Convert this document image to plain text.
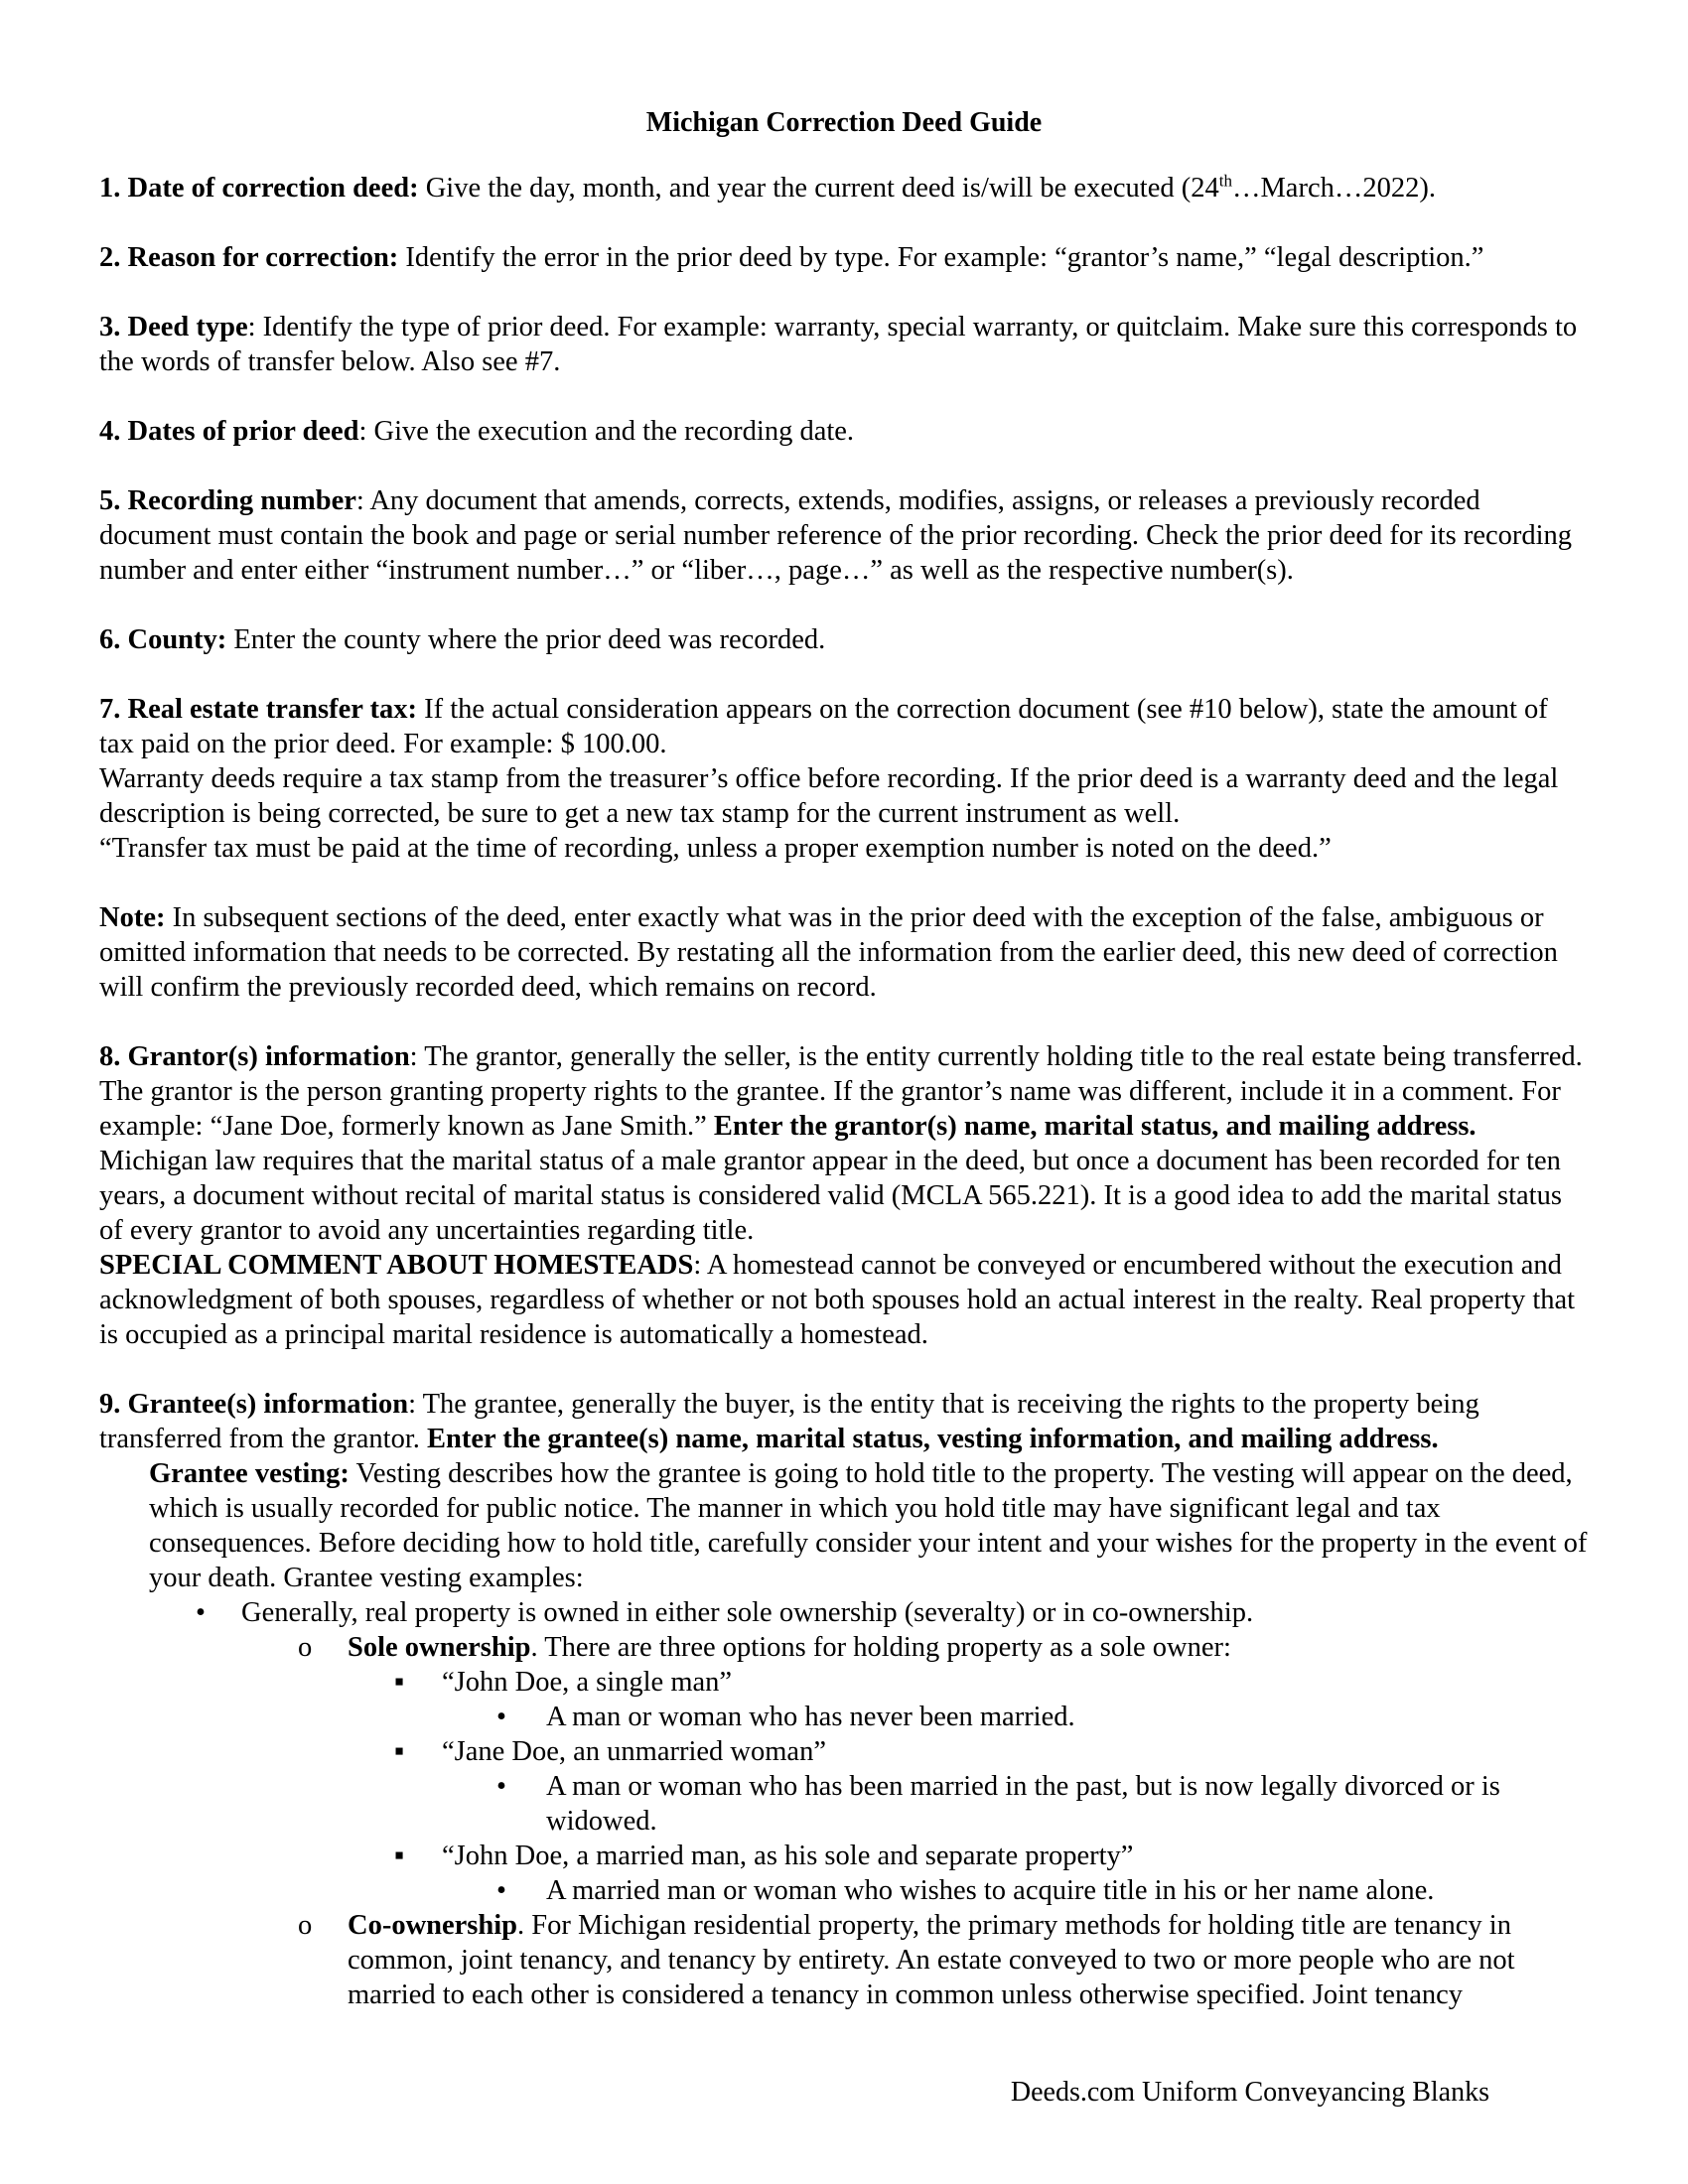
Michigan Correction Deed Guide

1. Date of correction deed: Give the day, month, and year the current deed is/will be executed (24th…March…2022).

2. Reason for correction: Identify the error in the prior deed by type. For example: “grantor’s name,” “legal description.”

3. Deed type: Identify the type of prior deed. For example: warranty, special warranty, or quitclaim. Make sure this corresponds to the words of transfer below. Also see #7.

4. Dates of prior deed: Give the execution and the recording date.

5. Recording number: Any document that amends, corrects, extends, modifies, assigns, or releases a previously recorded document must contain the book and page or serial number reference of the prior recording. Check the prior deed for its recording number and enter either “instrument number…” or “liber…, page…” as well as the respective number(s).

6. County: Enter the county where the prior deed was recorded.

7. Real estate transfer tax: If the actual consideration appears on the correction document (see #10 below), state the amount of tax paid on the prior deed. For example: $ 100.00.

Warranty deeds require a tax stamp from the treasurer’s office before recording. If the prior deed is a warranty deed and the legal description is being corrected, be sure to get a new tax stamp for the current instrument as well.

“Transfer tax must be paid at the time of recording, unless a proper exemption number is noted on the deed.”

Note: In subsequent sections of the deed, enter exactly what was in the prior deed with the exception of the false, ambiguous or omitted information that needs to be corrected. By restating all the information from the earlier deed, this new deed of correction will confirm the previously recorded deed, which remains on record.

8. Grantor(s) information: The grantor, generally the seller, is the entity currently holding title to the real estate being transferred. The grantor is the person granting property rights to the grantee. If the grantor’s name was different, include it in a comment. For example: “Jane Doe, formerly known as Jane Smith.” Enter the grantor(s) name, marital status, and mailing address. Michigan law requires that the marital status of a male grantor appear in the deed, but once a document has been recorded for ten years, a document without recital of marital status is considered valid (MCLA 565.221). It is a good idea to add the marital status of every grantor to avoid any uncertainties regarding title.

SPECIAL COMMENT ABOUT HOMESTEADS: A homestead cannot be conveyed or encumbered without the execution and acknowledgment of both spouses, regardless of whether or not both spouses hold an actual interest in the realty. Real property that is occupied as a principal marital residence is automatically a homestead.

9. Grantee(s) information: The grantee, generally the buyer, is the entity that is receiving the rights to the property being transferred from the grantor. Enter the grantee(s) name, marital status, vesting information, and mailing address.

Grantee vesting: Vesting describes how the grantee is going to hold title to the property. The vesting will appear on the deed, which is usually recorded for public notice. The manner in which you hold title may have significant legal and tax consequences. Before deciding how to hold title, carefully consider your intent and your wishes for the property in the event of your death. Grantee vesting examples:

• Generally, real property is owned in either sole ownership (severalty) or in co-ownership.
o Sole ownership. There are three options for holding property as a sole owner:
▪ “John Doe, a single man”
• A man or woman who has never been married.
▪ “Jane Doe, an unmarried woman”
• A man or woman who has been married in the past, but is now legally divorced or is widowed.
▪ “John Doe, a married man, as his sole and separate property”
• A married man or woman who wishes to acquire title in his or her name alone.
o Co-ownership. For Michigan residential property, the primary methods for holding title are tenancy in common, joint tenancy, and tenancy by entirety. An estate conveyed to two or more people who are not married to each other is considered a tenancy in common unless otherwise specified. Joint tenancy
Deeds.com Uniform Conveyancing Blanks
